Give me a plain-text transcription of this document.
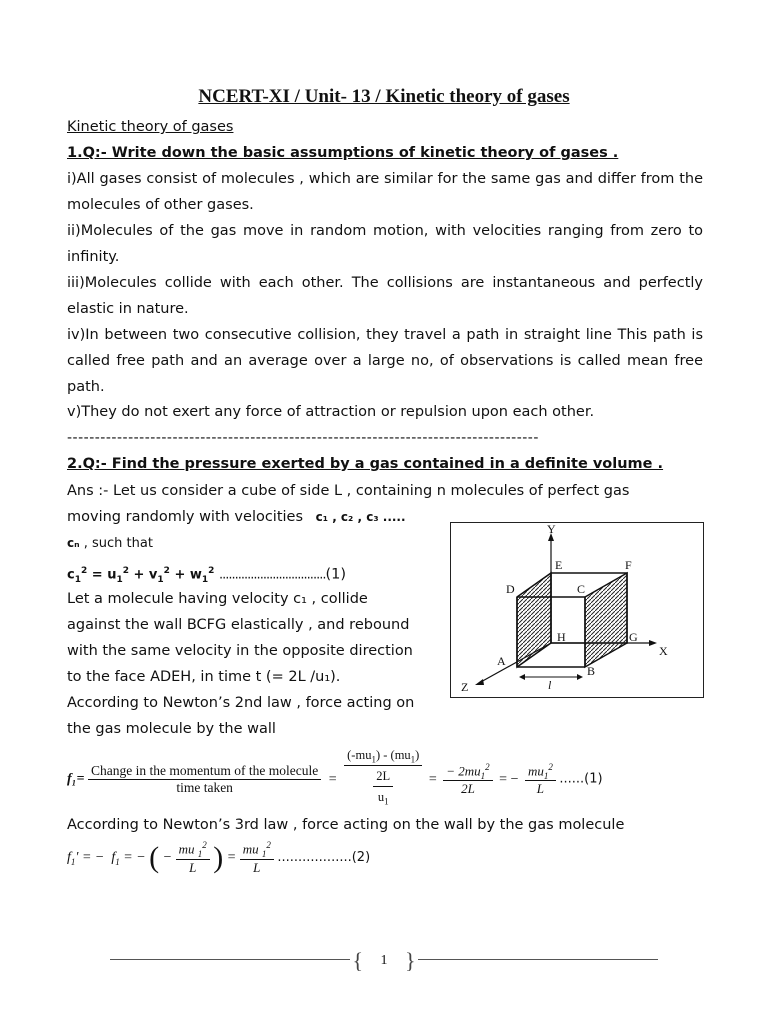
NCERT-XI / Unit- 13 / Kinetic theory of gases
Kinetic theory of gases
1.Q:- Write down the basic assumptions of kinetic theory of gases .
i)All gases consist of molecules , which are similar for the same gas and differ from the molecules of other gases.
ii)Molecules of the gas move in random motion, with velocities ranging from zero to infinity.
iii)Molecules collide with each other. The collisions are instantaneous and perfectly elastic in nature.
iv)In between two consecutive collision, they travel a path in straight line This path is called free path and an average over a large no, of observations is called mean free path.
v)They do not exert any force of attraction or repulsion upon each other.
-------------------------------------------------------------------------------------
2.Q:- Find the pressure exerted by a gas contained in a definite volume .
Ans :- Let us consider a cube of side L , containing n molecules of perfect gas
moving randomly with velocities c₁ , c₂ , c₃ .....
cₙ , such that
$c_1^2 = u_1^2 + v_1^2 + w_1^2$ ..................................(1)
Let a molecule having velocity c₁ , collide
against the wall BCFG elastically , and rebound
with the same velocity in the opposite direction
to the face ADEH, in time t (= 2L /u₁).
According to Newton’s 2nd law , force acting on
the gas molecule by the wall
$f_1= \frac{\text{Change in the momentum of the molecule}}{\text{time taken}} = \frac{(-mu_1) - (mu_1)}{\frac{2L}{u_1}} = \frac{- 2mu_1^2}{2L}$ = − $\frac{mu_1^2}{L} ......(1)$
According to Newton’s 3rd law , force acting on the wall by the gas molecule
$f_1'$ = −  $f_1$ = − ( − $\frac{mu _1^2}{L}$ ) = $\frac{mu _1^2}{L} ..................(2)$
Y
E	F
D	C
H	G
X
A
B
Z	l
{ 1 }
